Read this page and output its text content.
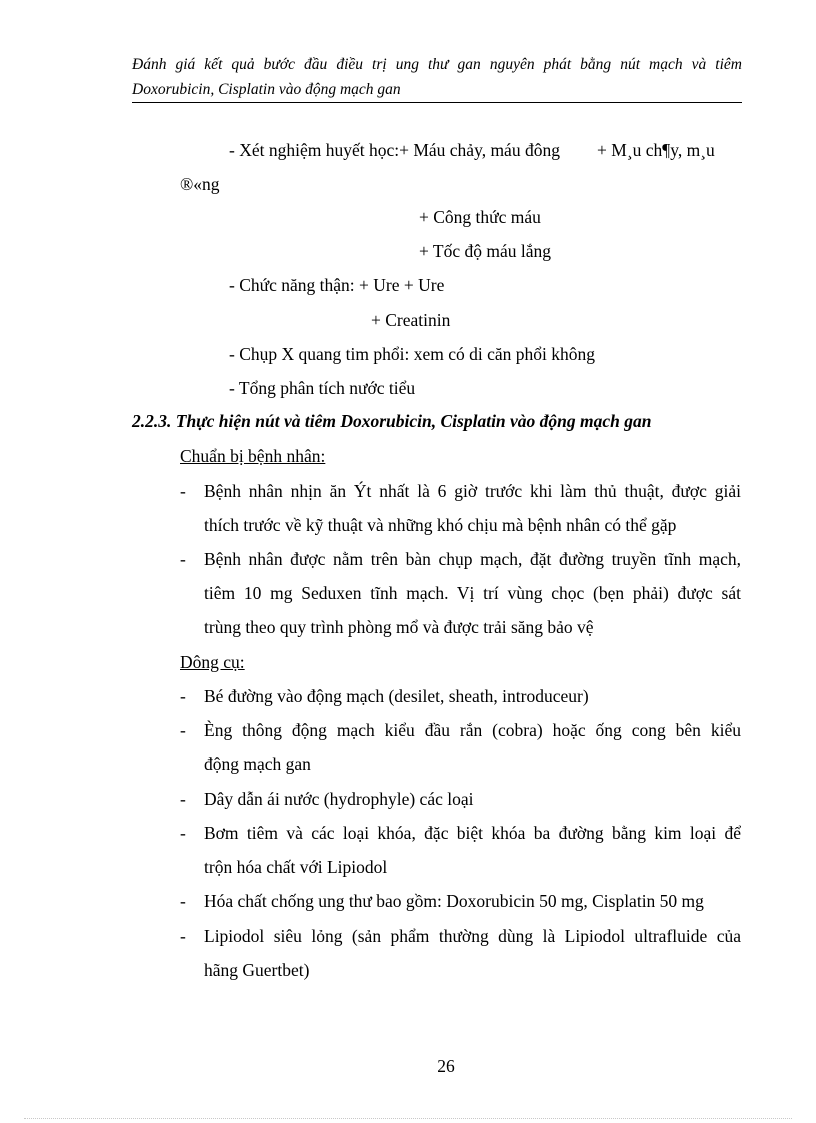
Đánh giá kết quả bước đầu điều trị ung thư gan nguyên phát bằng nút mạch và tiêm
Doxorubicin, Cisplatin vào động mạch gan
- Xét nghiệm huyết học:+ Máu chảy, máu đông + M¸u ch¶y, m¸u
®«ng
+ Công thức máu
+ Tốc độ máu lắng
- Chức năng thận: + Ure + Ure
+ Creatinin
- Chụp X quang tim phổi: xem có di căn phổi không
- Tổng phân tích nước tiểu
2.2.3. Thực hiện nút và tiêm Doxorubicin, Cisplatin vào động mạch gan
Chuẩn bị bệnh nhân:
- Bệnh nhân nhịn ăn Ýt nhất là 6 giờ trước khi làm thủ thuật, được giải
thích trước về kỹ thuật và những khó chịu mà bệnh nhân có thể gặp
- Bệnh nhân được nằm trên bàn chụp mạch, đặt đường truyền tĩnh mạch,
tiêm 10 mg Seduxen tĩnh mạch. Vị trí vùng chọc (bẹn phải) được sát
trùng theo quy trình phòng mổ và được trải săng bảo vệ
Dông cụ:
- Bé đường vào động mạch (desilet, sheath, introduceur)
- Èng thông động mạch kiểu đầu rắn (cobra) hoặc ống cong bên kiểu
động mạch gan
- Dây dẫn ái nước (hydrophyle) các loại
- Bơm tiêm và các loại khóa, đặc biệt khóa ba đường bằng kim loại để
trộn hóa chất với Lipiodol
- Hóa chất chống ung thư bao gồm: Doxorubicin 50 mg, Cisplatin 50 mg
- Lipiodol siêu lỏng (sản phẩm thường dùng là Lipiodol ultrafluide của
hãng Guertbet)
26
